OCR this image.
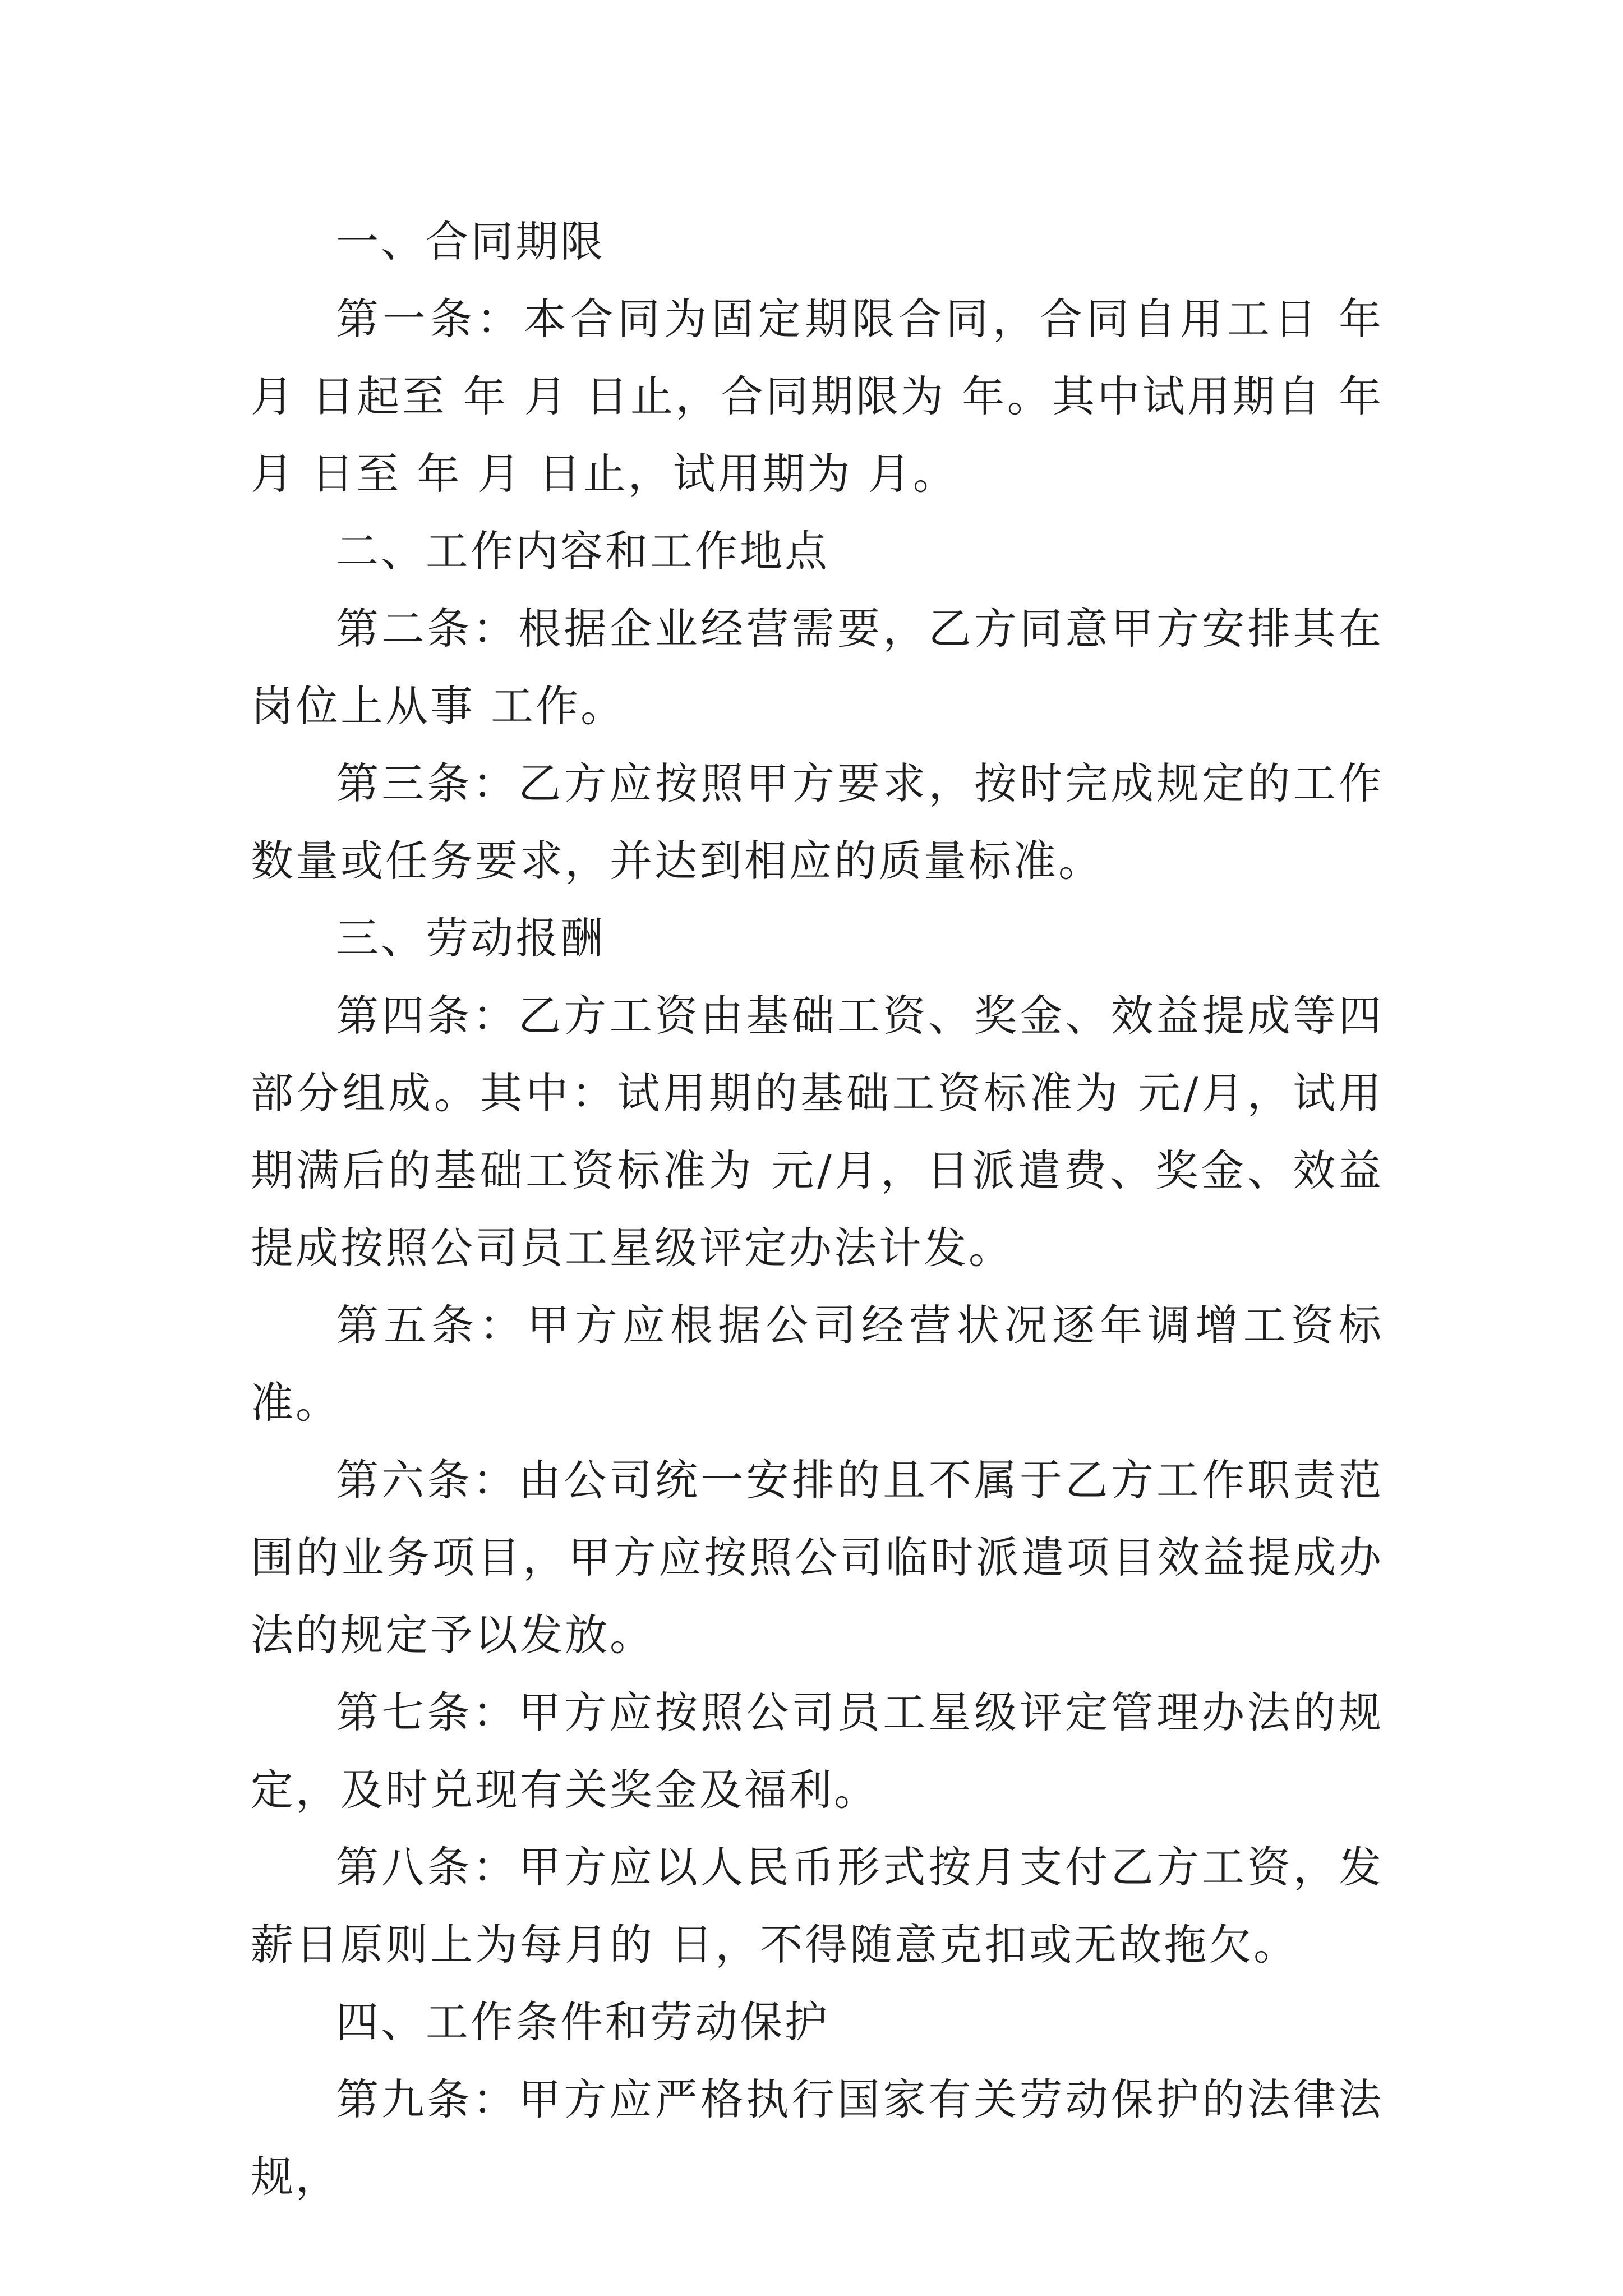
一、合同期限

第一条：本合同为固定期限合同，合同自用工日 年 月 日起至 年 月 日止，合同期限为 年。其中试用期自 年 月 日至 年 月 日止，试用期为 月。

二、工作内容和工作地点

第二条：根据企业经营需要，乙方同意甲方安排其在岗位上从事 工作。

第三条：乙方应按照甲方要求，按时完成规定的工作数量或任务要求，并达到相应的质量标准。

三、劳动报酬

第四条：乙方工资由基础工资、奖金、效益提成等四部分组成。其中：试用期的基础工资标准为 元/月，试用期满后的基础工资标准为 元/月，日派遣费、奖金、效益提成按照公司员工星级评定办法计发。

第五条：甲方应根据公司经营状况逐年调增工资标准。

第六条：由公司统一安排的且不属于乙方工作职责范围的业务项目，甲方应按照公司临时派遣项目效益提成办法的规定予以发放。

第七条：甲方应按照公司员工星级评定管理办法的规定，及时兑现有关奖金及福利。

第八条：甲方应以人民币形式按月支付乙方工资，发薪日原则上为每月的 日，不得随意克扣或无故拖欠。

四、工作条件和劳动保护

第九条：甲方应严格执行国家有关劳动保护的法律法规，
